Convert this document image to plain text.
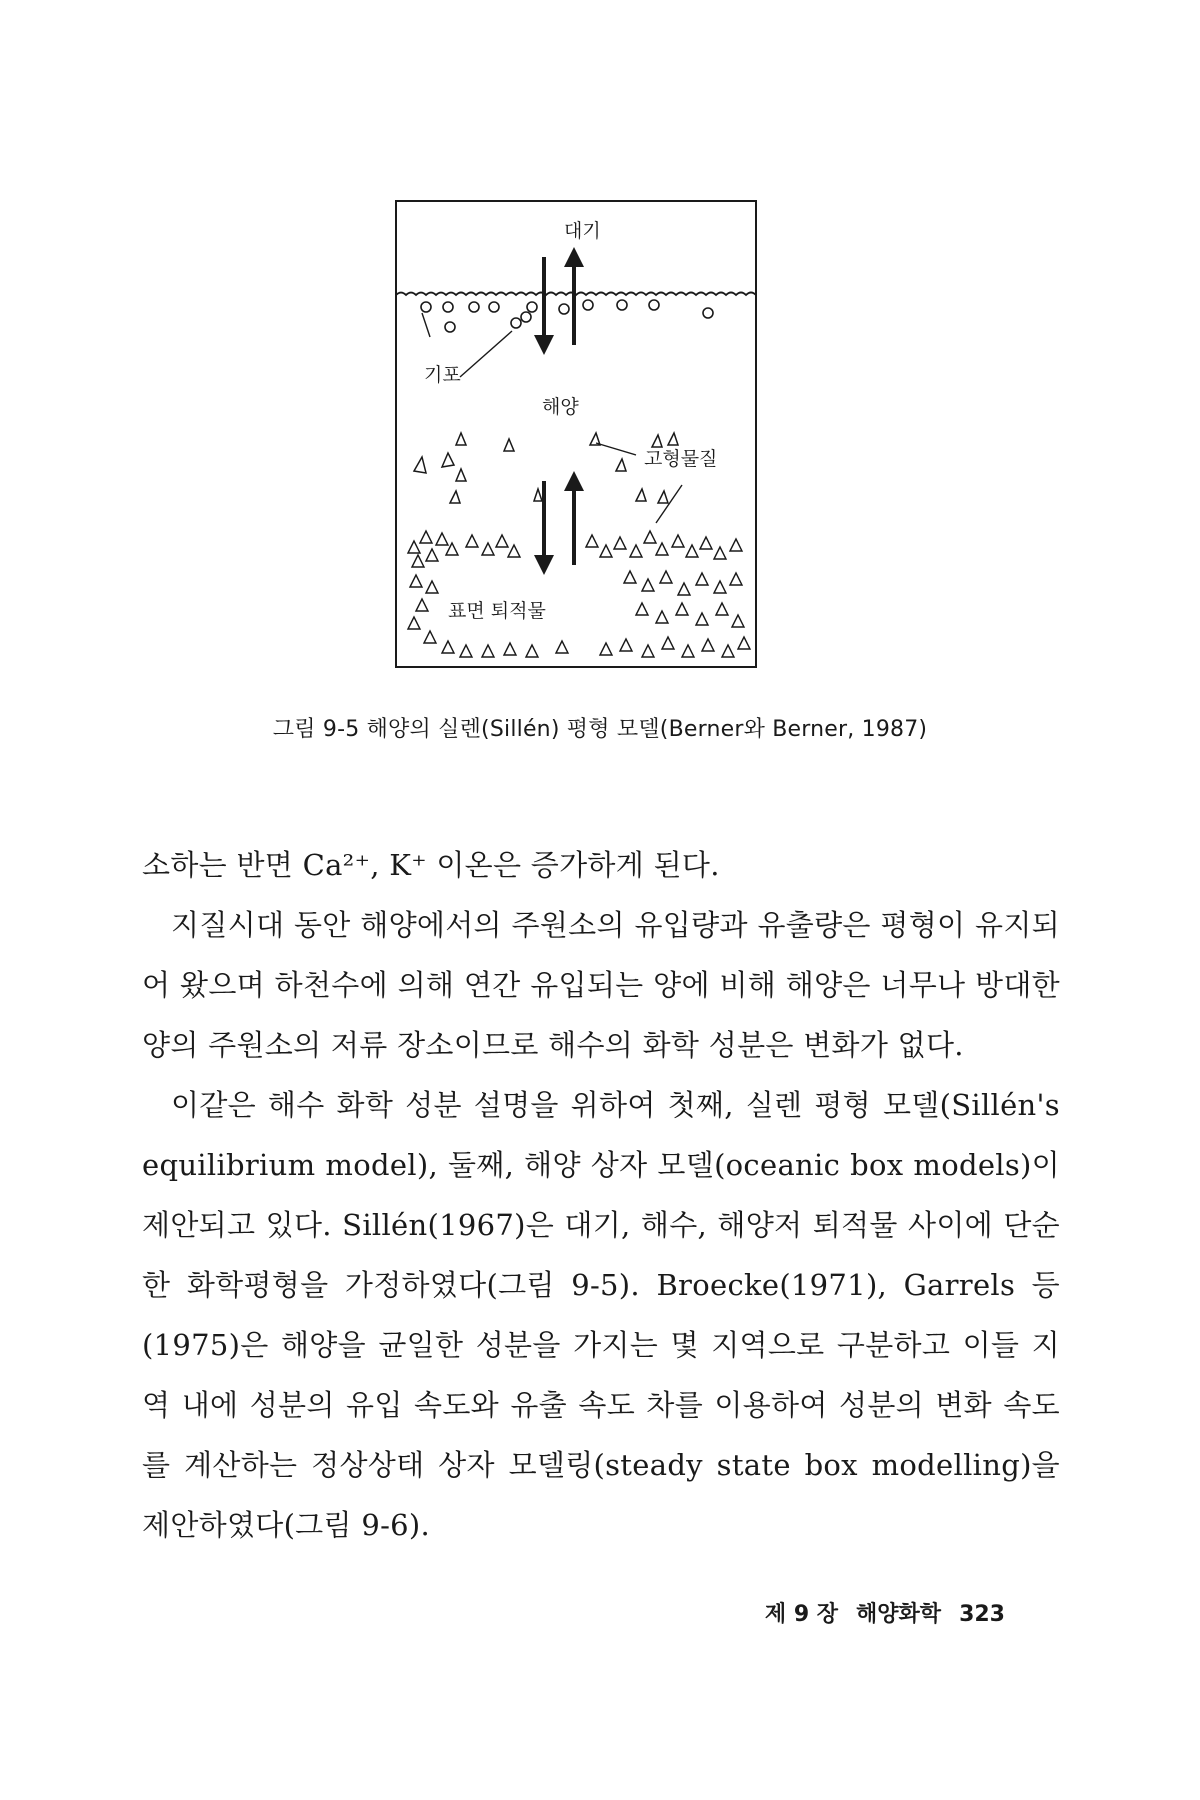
대기
기포
해양
고형물질
표면 퇴적물
그림 9-5 해양의 실렌(Sillén) 평형 모델(Berner와 Berner, 1987)

소하는 반면 Ca²⁺, K⁺ 이온은 증가하게 된다.

지질시대 동안 해양에서의 주원소의 유입량과 유출량은 평형이 유지되어 왔으며 하천수에 의해 연간 유입되는 양에 비해 해양은 너무나 방대한 양의 주원소의 저류 장소이므로 해수의 화학 성분은 변화가 없다.

이같은 해수 화학 성분 설명을 위하여 첫째, 실렌 평형 모델(Sillén's equilibrium model), 둘째, 해양 상자 모델(oceanic box models)이 제안되고 있다. Sillén(1967)은 대기, 해수, 해양저 퇴적물 사이에 단순한 화학평형을 가정하였다(그림 9-5). Broecke(1971), Garrels 등(1975)은 해양을 균일한 성분을 가지는 몇 지역으로 구분하고 이들 지역 내에 성분의 유입 속도와 유출 속도 차를 이용하여 성분의 변화 속도를 계산하는 정상상태 상자 모델링(steady state box modelling)을 제안하였다(그림 9-6).

제 9 장 해양화학 323
